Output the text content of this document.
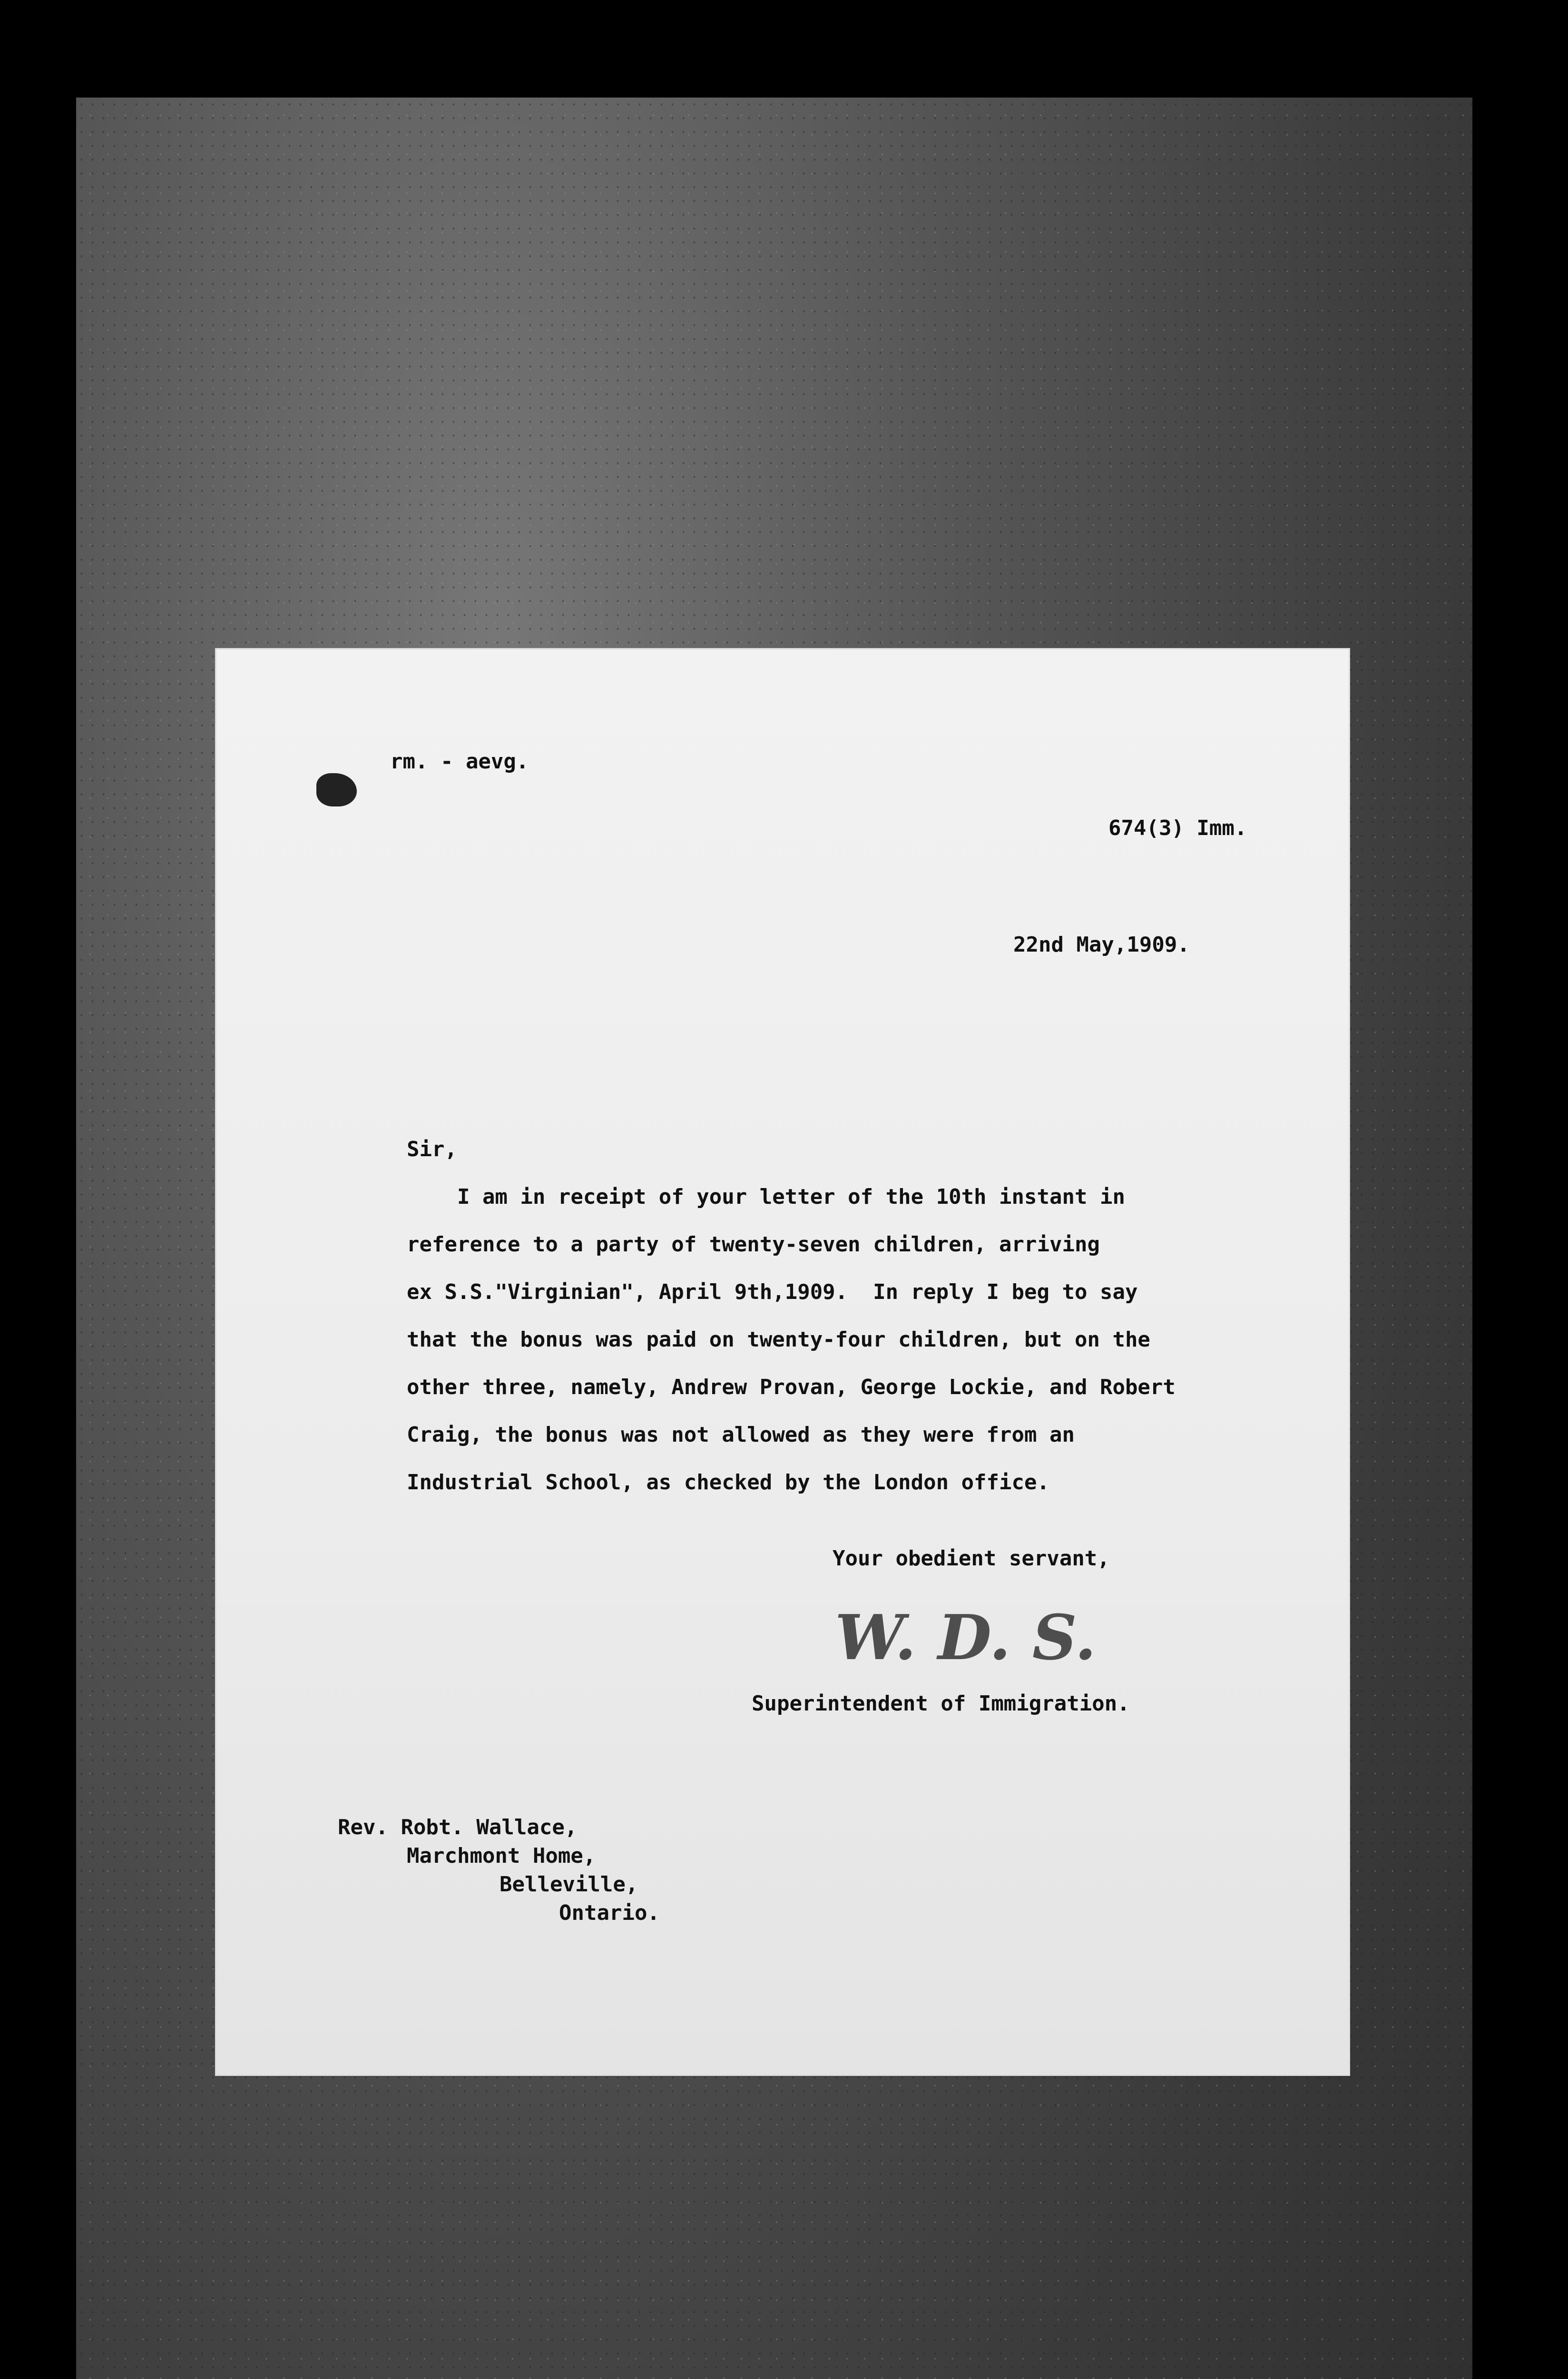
rm. - aevg.
674(3) Imm.
22nd May,1909.
Sir,
I am in receipt of your letter of the 10th instant in
reference to a party of twenty-seven children, arriving
ex S.S."Virginian", April 9th,1909.  In reply I beg to say
that the bonus was paid on twenty-four children, but on the
other three, namely, Andrew Provan, George Lockie, and Robert
Craig, the bonus was not allowed as they were from an
Industrial School, as checked by the London office.
Your obedient servant,
W. D. S.
Superintendent of Immigration.
Rev. Robt. Wallace,
Marchmont Home,
Belleville,
Ontario.
